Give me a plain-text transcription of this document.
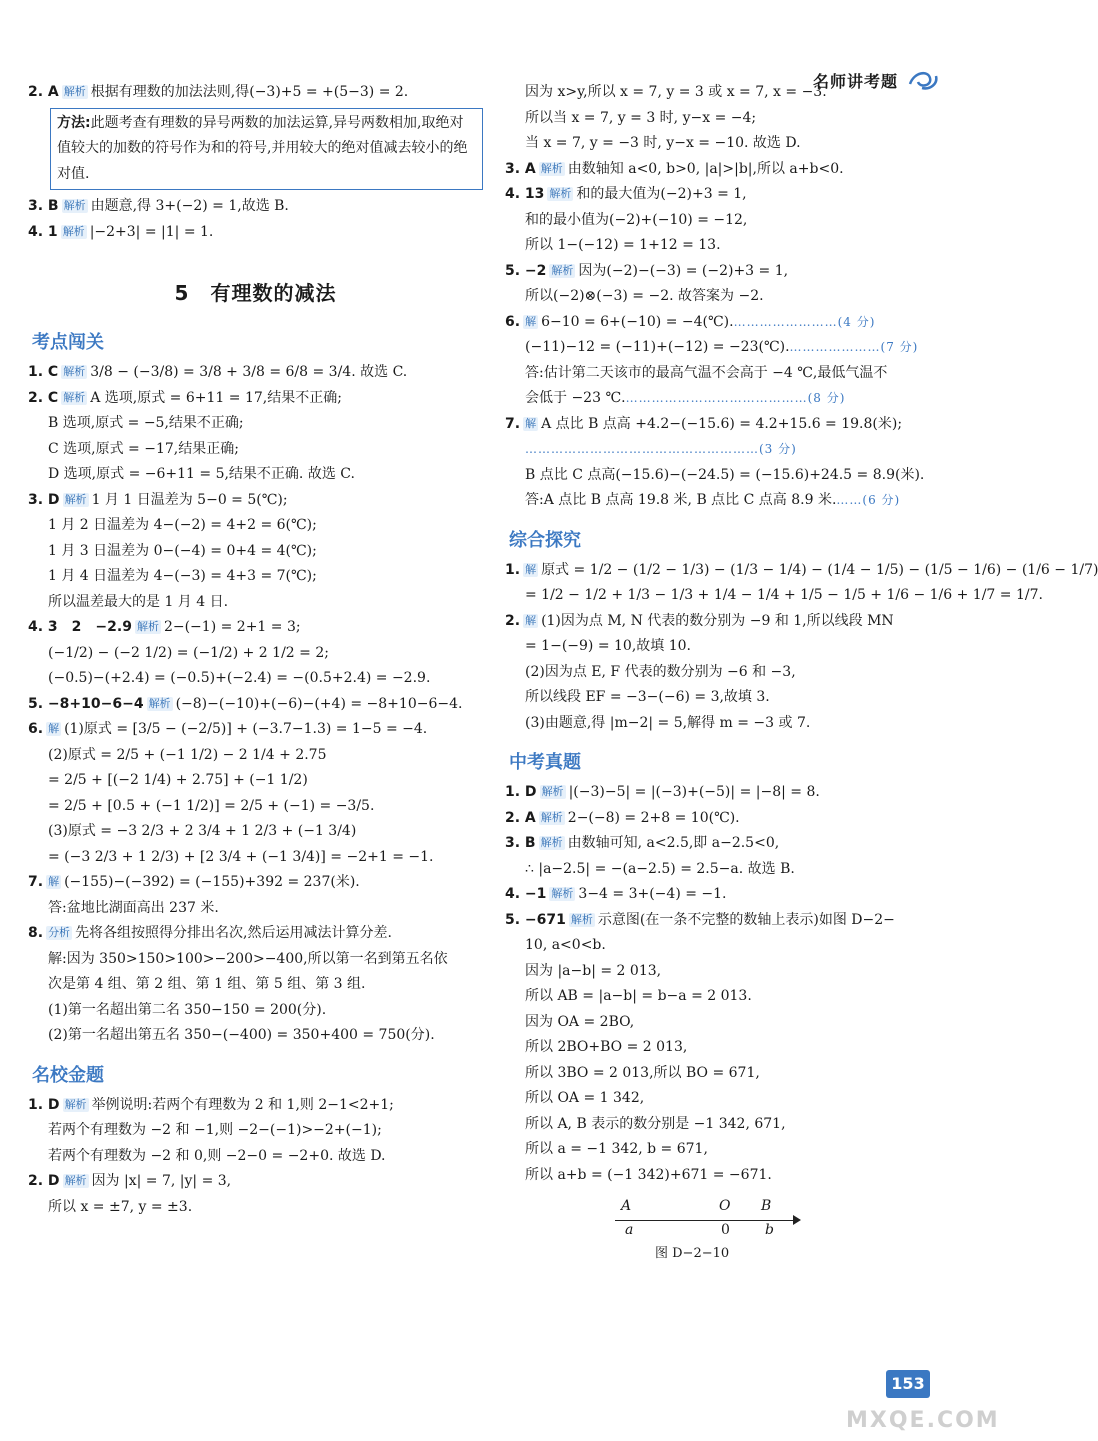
名师讲考题

2. A 解析 根据有理数的加法法则,得(−3)+5 = +(5−3) = 2.

方法:此题考查有理数的异号两数的加法运算,异号两数相加,取绝对值较大的加数的符号作为和的符号,并用较大的绝对值减去较小的绝对值.

3. B 解析 由题意,得 3+(−2) = 1,故选 B.

4. 1 解析 |−2+3| = |1| = 1.

5　有理数的减法
考点闯关

1. C 解析 3/8 − (−3/8) = 3/8 + 3/8 = 6/8 = 3/4. 故选 C.

2. C 解析 A 选项,原式 = 6+11 = 17,结果不正确;

B 选项,原式 = −5,结果不正确;

C 选项,原式 = −17,结果正确;

D 选项,原式 = −6+11 = 5,结果不正确. 故选 C.

3. D 解析 1 月 1 日温差为 5−0 = 5(℃);

1 月 2 日温差为 4−(−2) = 4+2 = 6(℃);

1 月 3 日温差为 0−(−4) = 0+4 = 4(℃);

1 月 4 日温差为 4−(−3) = 4+3 = 7(℃);

所以温差最大的是 1 月 4 日.

4. 3　2　−2.9 解析 2−(−1) = 2+1 = 3;

(−1/2) − (−2 1/2) = (−1/2) + 2 1/2 = 2;

(−0.5)−(+2.4) = (−0.5)+(−2.4) = −(0.5+2.4) = −2.9.

5. −8+10−6−4 解析 (−8)−(−10)+(−6)−(+4) = −8+10−6−4.

6. 解 (1)原式 = [3/5 − (−2/5)] + (−3.7−1.3) = 1−5 = −4.

(2)原式 = 2/5 + (−1 1/2) − 2 1/4 + 2.75

= 2/5 + [(−2 1/4) + 2.75] + (−1 1/2)

= 2/5 + [0.5 + (−1 1/2)] = 2/5 + (−1) = −3/5.

(3)原式 = −3 2/3 + 2 3/4 + 1 2/3 + (−1 3/4)

= (−3 2/3 + 1 2/3) + [2 3/4 + (−1 3/4)] = −2+1 = −1.

7. 解 (−155)−(−392) = (−155)+392 = 237(米).

答:盆地比湖面高出 237 米.

8. 分析 先将各组按照得分排出名次,然后运用减法计算分差.

解:因为 350>150>100>−200>−400,所以第一名到第五名依

次是第 4 组、第 2 组、第 1 组、第 5 组、第 3 组.

(1)第一名超出第二名 350−150 = 200(分).

(2)第一名超出第五名 350−(−400) = 350+400 = 750(分).

名校金题

1. D 解析 举例说明:若两个有理数为 2 和 1,则 2−1<2+1;

若两个有理数为 −2 和 −1,则 −2−(−1)>−2+(−1);

若两个有理数为 −2 和 0,则 −2−0 = −2+0. 故选 D.

2. D 解析 因为 |x| = 7, |y| = 3,

所以 x = ±7, y = ±3.

因为 x>y,所以 x = 7, y = 3 或 x = 7, x = −3.

所以当 x = 7, y = 3 时, y−x = −4;

当 x = 7, y = −3 时, y−x = −10. 故选 D.

3. A 解析 由数轴知 a<0, b>0, |a|>|b|,所以 a+b<0.

4. 13 解析 和的最大值为(−2)+3 = 1,

和的最小值为(−2)+(−10) = −12,

所以 1−(−12) = 1+12 = 13.

5. −2 解析 因为(−2)−(−3) = (−2)+3 = 1,

所以(−2)⊗(−3) = −2. 故答案为 −2.

6. 解 6−10 = 6+(−10) = −4(℃).……………………(4 分)

(−11)−12 = (−11)+(−12) = −23(℃).…………………(7 分)

答:估计第二天该市的最高气温不会高于 −4 ℃,最低气温不

会低于 −23 ℃.……………………………………(8 分)

7. 解 A 点比 B 点高 +4.2−(−15.6) = 4.2+15.6 = 19.8(米);

………………………………………………(3 分)

B 点比 C 点高(−15.6)−(−24.5) = (−15.6)+24.5 = 8.9(米).

答:A 点比 B 点高 19.8 米, B 点比 C 点高 8.9 米.……(6 分)

综合探究

1. 解 原式 = 1/2 − (1/2 − 1/3) − (1/3 − 1/4) − (1/4 − 1/5) − (1/5 − 1/6) − (1/6 − 1/7)

= 1/2 − 1/2 + 1/3 − 1/3 + 1/4 − 1/4 + 1/5 − 1/5 + 1/6 − 1/6 + 1/7 = 1/7.

2. 解 (1)因为点 M, N 代表的数分别为 −9 和 1,所以线段 MN

= 1−(−9) = 10,故填 10.

(2)因为点 E, F 代表的数分别为 −6 和 −3,

所以线段 EF = −3−(−6) = 3,故填 3.

(3)由题意,得 |m−2| = 5,解得 m = −3 或 7.

中考真题

1. D 解析 |(−3)−5| = |(−3)+(−5)| = |−8| = 8.

2. A 解析 2−(−8) = 2+8 = 10(℃).

3. B 解析 由数轴可知, a<2.5,即 a−2.5<0,

∴ |a−2.5| = −(a−2.5) = 2.5−a. 故选 B.

4. −1 解析 3−4 = 3+(−4) = −1.

5. −671 解析 示意图(在一条不完整的数轴上表示)如图 D−2−

10, a<0<b.

因为 |a−b| = 2 013,

所以 AB = |a−b| = b−a = 2 013.

因为 OA = 2BO,

所以 2BO+BO = 2 013,

所以 3BO = 2 013,所以 BO = 671,

所以 OA = 1 342,

所以 A, B 表示的数分别是 −1 342, 671,

所以 a = −1 342, b = 671,

所以 a+b = (−1 342)+671 = −671.

A	O B
a	0	b
图 D−2−10
153
MXQE.COM
